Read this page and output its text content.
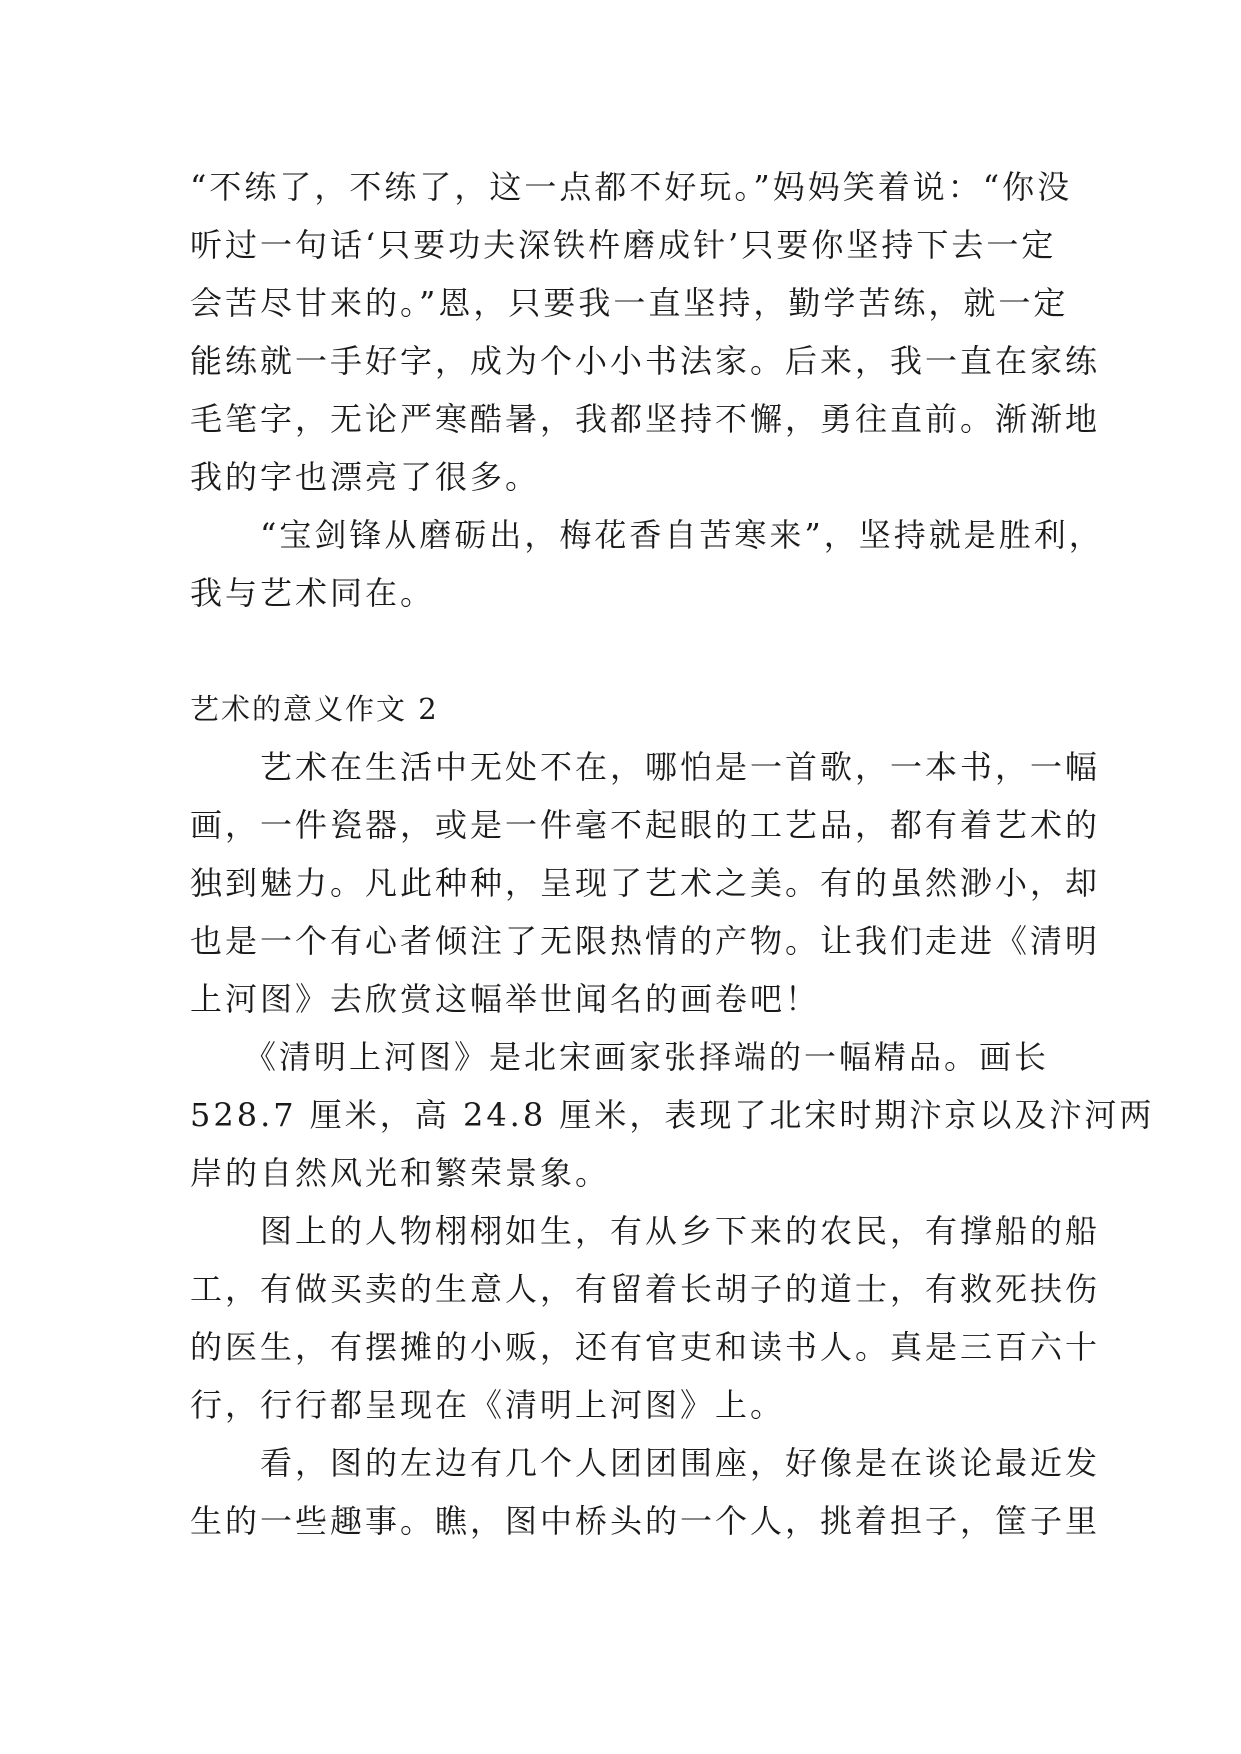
“不练了，不练了，这一点都不好玩。”妈妈笑着说：“你没
听过一句话‘只要功夫深铁杵磨成针’只要你坚持下去一定
会苦尽甘来的。”恩，只要我一直坚持，勤学苦练，就一定
能练就一手好字，成为个小小书法家。后来，我一直在家练
毛笔字，无论严寒酷暑，我都坚持不懈，勇往直前。渐渐地
我的字也漂亮了很多。
　　“宝剑锋从磨砺出，梅花香自苦寒来”，坚持就是胜利，
我与艺术同在。
艺术的意义作文 2
　　艺术在生活中无处不在，哪怕是一首歌，一本书，一幅
画，一件瓷器，或是一件毫不起眼的工艺品，都有着艺术的
独到魅力。凡此种种，呈现了艺术之美。有的虽然渺小，却
也是一个有心者倾注了无限热情的产物。让我们走进《清明
上河图》去欣赏这幅举世闻名的画卷吧！
　　《清明上河图》是北宋画家张择端的一幅精品。画长
528.7 厘米，高 24.8 厘米，表现了北宋时期汴京以及汴河两
岸的自然风光和繁荣景象。
　　图上的人物栩栩如生，有从乡下来的农民，有撑船的船
工，有做买卖的生意人，有留着长胡子的道士，有救死扶伤
的医生，有摆摊的小贩，还有官吏和读书人。真是三百六十
行，行行都呈现在《清明上河图》上。
　　看，图的左边有几个人团团围座，好像是在谈论最近发
生的一些趣事。瞧，图中桥头的一个人，挑着担子，筐子里
